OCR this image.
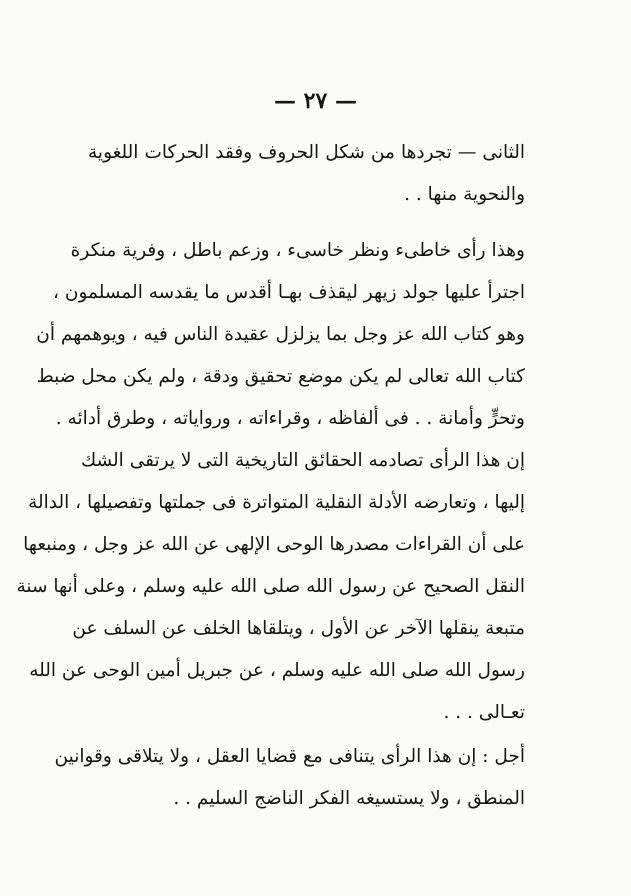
— ٢٧ —
الثانى — تجردها من شكل الحروف وفقد الحركات اللغوية
والنحوية منها . .
وهذا رأى خاطىء ونظر خاسىء ، وزعم باطل ، وفرية منكرة
اجترأ عليها جولد زيهر ليقذف بهـا أقدس ما يقدسه المسلمون ،
وهو كتاب الله عز وجل بما يزلزل عقيدة الناس فيه ، ويوهمهم أن
كتاب الله تعالى لم يكن موضع تحقيق ودقة ، ولم يكن محل ضبط
وتحرٍّ وأمانة . . فى ألفاظه ، وقراءاته ، ورواياته ، وطرق أدائه .
إن هذا الرأى تصادمه الحقائق التاريخية التى لا يرتقى الشك
إليها ، وتعارضه الأدلة النقلية المتواترة فى جملتها وتفصيلها ، الدالة
على أن القراءات مصدرها الوحى الإلهى عن الله عز وجل ، ومنبعها
النقل الصحيح عن رسول الله صلى الله عليه وسلم ، وعلى أنها سنة
متبعة ينقلها الآخر عن الأول ، ويتلقاها الخلف عن السلف عن
رسول الله صلى الله عليه وسلم ، عن جبريل أمين الوحى عن الله
تعـالى . . .
أجل : إن هذا الرأى يتنافى مع قضايا العقل ، ولا يتلاقى وقوانين
المنطق ، ولا يستسيغه الفكر الناضج السليم . .
